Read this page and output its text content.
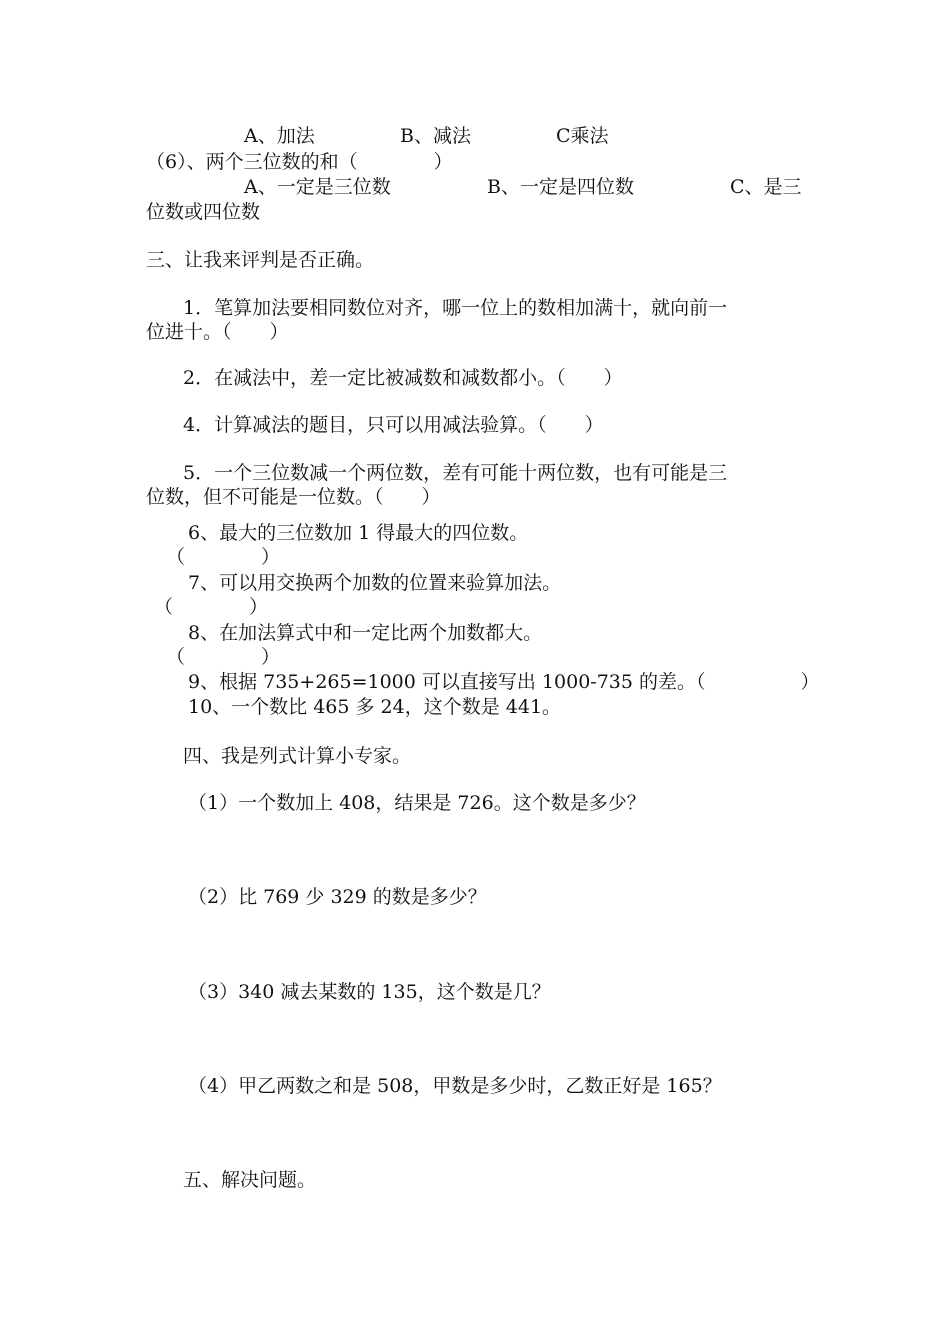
A、加法	B、减法	C乘法
（6）、两个三位数的和（　　　　）
A、一定是三位数	B、一定是四位数	C、是三
位数或四位数
三、让我来评判是否正确。
1．笔算加法要相同数位对齐，哪一位上的数相加满十，就向前一
位进十。（　　）
2．在减法中，差一定比被减数和减数都小。（　　）
4．计算减法的题目，只可以用减法验算。（　　）
5．一个三位数减一个两位数，差有可能十两位数，也有可能是三
位数，但不可能是一位数。（　　）
6、最大的三位数加 1 得最大的四位数。
（　　　　）
7、可以用交换两个加数的位置来验算加法。
（　　　　）
8、在加法算式中和一定比两个加数都大。
（　　　　）
9、根据 735+265=1000 可以直接写出 1000-735 的差。（　　　　　）
10、一个数比 465 多 24，这个数是 441。
四、我是列式计算小专家。
（1）一个数加上 408，结果是 726。这个数是多少？
（2）比 769 少 329 的数是多少？
（3）340 减去某数的 135，这个数是几？
（4）甲乙两数之和是 508，甲数是多少时，乙数正好是 165？
五、解决问题。
